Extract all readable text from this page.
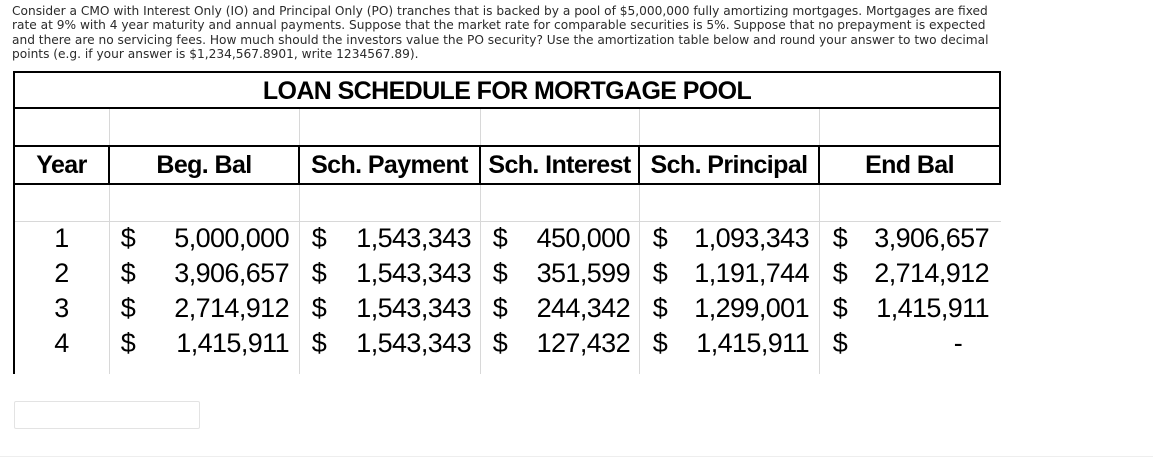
Consider a CMO with Interest Only (IO) and Principal Only (PO) tranches that is backed by a pool of $5,000,000 fully amortizing mortgages. Mortgages are fixed rate at 9% with 4 year maturity and annual payments. Suppose that the market rate for comparable securities is 5%. Suppose that no prepayment is expected and there are no servicing fees. How much should the investors value the PO security? Use the amortization table below and round your answer to two decimal points (e.g. if your answer is $1,234,567.8901, write 1234567.89).

LOAN SCHEDULE FOR MORTGAGE POOL
Year	Beg. Bal	Sch. Payment Sch. Interest Sch. Principal	End Bal
1	$	5,000,000 $	1,543,343 $	450,000 $	1,093,343 $	3,906,657
2	$	3,906,657 $	1,543,343 $	351,599 $	1,191,744 $	2,714,912
3	$	2,714,912 $	1,543,343 $	244,342 $	1,299,001 $	1,415,911
4	$	1,415,911 $	1,543,343 $	127,432 $	1,415,911 $	-
